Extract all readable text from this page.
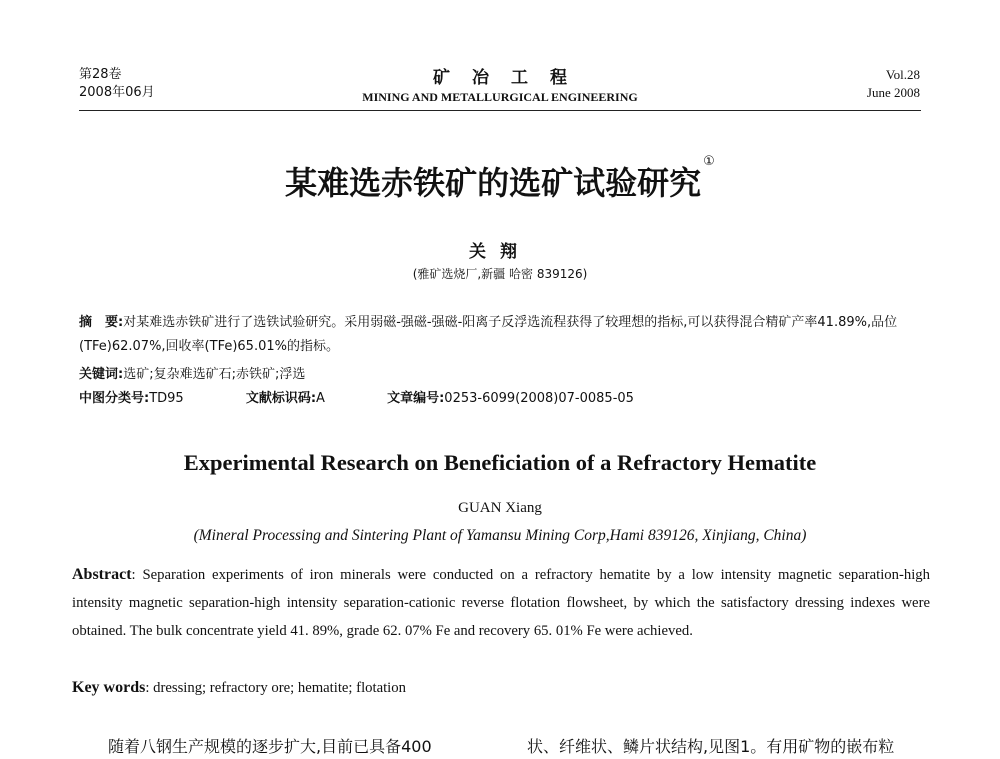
第28卷
2008年06月
矿冶工程
MINING AND METALLURGICAL ENGINEERING
Vol.28
June 2008
某难选赤铁矿的选矿试验研究①
关翔
(雅矿选烧厂,新疆 哈密 839126)
摘　要:对某难选赤铁矿进行了选铁试验研究。采用弱磁-强磁-强磁-阳离子反浮选流程获得了较理想的指标,可以获得混合精矿产率41.89%,品位(TFe)62.07%,回收率(TFe)65.01%的指标。
关键词:选矿;复杂难选矿石;赤铁矿;浮选
中图分类号:TD95	文献标识码:A	文章编号:0253-6099(2008)07-0085-05
Experimental Research on Beneficiation of a Refractory Hematite
GUAN Xiang
(Mineral Processing and Sintering Plant of Yamansu Mining Corp,Hami 839126, Xinjiang, China)
Abstract: Separation experiments of iron minerals were conducted on a refractory hematite by a low intensity magnetic separation-high intensity magnetic separation-high intensity separation-cationic reverse flotation flowsheet, by which the satisfactory dressing indexes were obtained. The bulk concentrate yield 41. 89%, grade 62. 07% Fe and recovery 65. 01% Fe were achieved.
Key words: dressing; refractory ore; hematite; flotation
随着八钢生产规模的逐步扩大,目前已具备400	状、纤维状、鳞片状结构,见图1。有用矿物的嵌布粒
